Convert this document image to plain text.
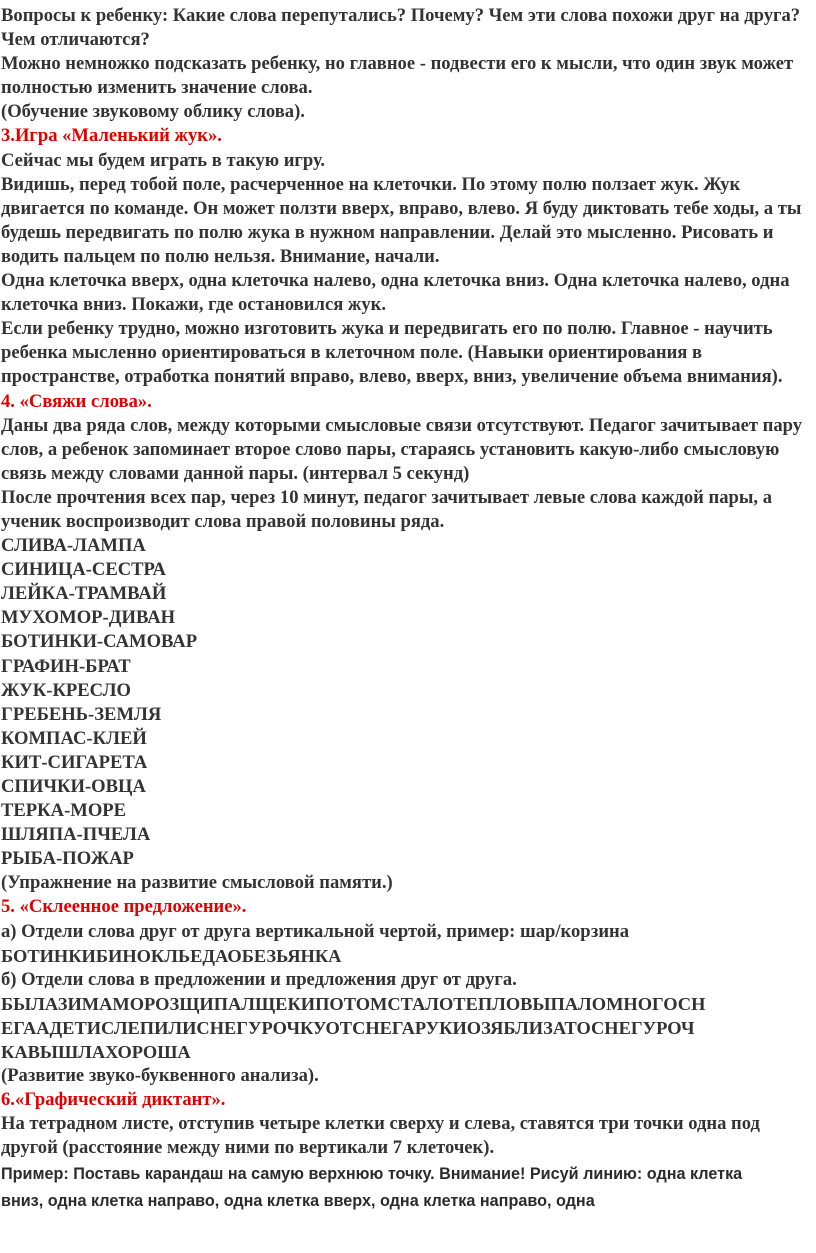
Вопросы к ребенку: Какие слова перепутались? Почему? Чем эти слова похожи друг на друга? Чем отличаются?

Можно немножко подсказать ребенку, но главное - подвести его к мысли, что один звук может полностью изменить значение слова.

(Обучение звуковому облику слова).

3.Игра «Маленький жук».

Сейчас мы будем играть в такую игру.

Видишь, перед тобой поле, расчерченное на клеточки. По этому полю ползает жук. Жук двигается по команде. Он может ползти вверх, вправо, влево. Я буду диктовать тебе ходы, а ты будешь передвигать по полю жука в нужном направлении. Делай это мысленно. Рисовать и водить пальцем по полю нельзя. Внимание, начали.

Одна клеточка вверх, одна клеточка налево, одна клеточка вниз. Одна клеточка налево, одна клеточка вниз. Покажи, где остановился жук.

Если ребенку трудно, можно изготовить жука и передвигать его по полю. Главное - научить ребенка мысленно ориентироваться в клеточном поле. (Навыки ориентирования в пространстве, отработка понятий вправо, влево, вверх, вниз, увеличение объема внимания).

4. «Свяжи слова».

Даны два ряда слов, между которыми смысловые связи отсутствуют. Педагог зачитывает пару слов, а ребенок запоминает второе слово пары, стараясь установить какую-либо смысловую связь между словами данной пары. (интервал 5 секунд)

После прочтения всех пар, через 10 минут, педагог зачитывает левые слова каждой пары, а ученик воспроизводит слова правой половины ряда.

СЛИВА-ЛАМПА

СИНИЦА-СЕСТРА

ЛЕЙКА-ТРАМВАЙ

МУХОМОР-ДИВАН

БОТИНКИ-САМОВАР

ГРАФИН-БРАТ

ЖУК-КРЕСЛО

ГРЕБЕНЬ-ЗЕМЛЯ

КОМПАС-КЛЕЙ

КИТ-СИГАРЕТА

СПИЧКИ-ОВЦА

ТЕРКА-МОРЕ

ШЛЯПА-ПЧЕЛА

РЫБА-ПОЖАР

(Упражнение на развитие смысловой памяти.)

5. «Склеенное предложение».

а) Отдели слова друг от друга вертикальной чертой, пример: шар/корзина

БОТИНКИБИНОКЛЬЕДАОБЕЗЬЯНКА

б) Отдели слова в предложении и предложения друг от друга.

БЫЛАЗИМАМОРОЗЩИПАЛЩЕКИПОТОМСТАЛОТЕПЛОВЫПАЛОМНОГОСН

ЕГААДЕТИСЛЕПИЛИСНЕГУРОЧКУОТСНЕГАРУКИОЗЯБЛИЗАТОСНЕГУРОЧ

КАВЫШЛАХОРОША

(Развитие звуко-буквенного анализа).

6.«Графический диктант».

На тетрадном листе, отступив четыре клетки сверху и слева, ставятся три точки одна под другой (расстояние между ними по вертикали 7 клеточек).

Пример: Поставь карандаш на самую верхнюю точку. Внимание! Рисуй линию: одна клетка

вниз, одна клетка направо, одна клетка вверх, одна клетка направо, одна
